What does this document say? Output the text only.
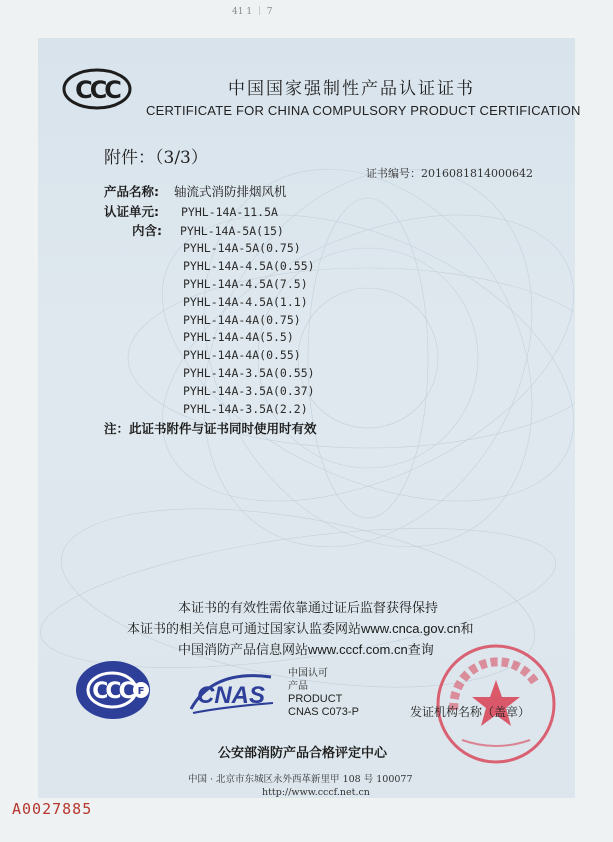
41 1 ｜ 7
CCC	中国国家强制性产品认证证书
CERTIFICATE FOR CHINA COMPULSORY PRODUCT CERTIFICATION
附件：（3/3）
证书编号：2016081814000642
产品名称: 轴流式消防排烟风机
认证单元: PYHL-14A-11.5A
内含: PYHL-14A-5A(15)
PYHL-14A-5A(0.75)
PYHL-14A-4.5A(0.55)
PYHL-14A-4.5A(7.5)
PYHL-14A-4.5A(1.1)
PYHL-14A-4A(0.75)
PYHL-14A-4A(5.5)
PYHL-14A-4A(0.55)
PYHL-14A-3.5A(0.55)
PYHL-14A-3.5A(0.37)
PYHL-14A-3.5A(2.2)
注：此证书附件与证书同时使用时有效
本证书的有效性需依靠通过证后监督获得保持
本证书的相关信息可通过国家认监委网站www.cnca.gov.cn和
中国消防产品信息网站www.cccf.com.cn查询
CCC F CNAS
中国认可
产品
PRODUCT
CNAS C073-P	发证机构名称（盖章）
公安部消防产品合格评定中心
中国 · 北京市东城区永外西革新里甲 108 号 100077
http://www.cccf.net.cn
A0027885
